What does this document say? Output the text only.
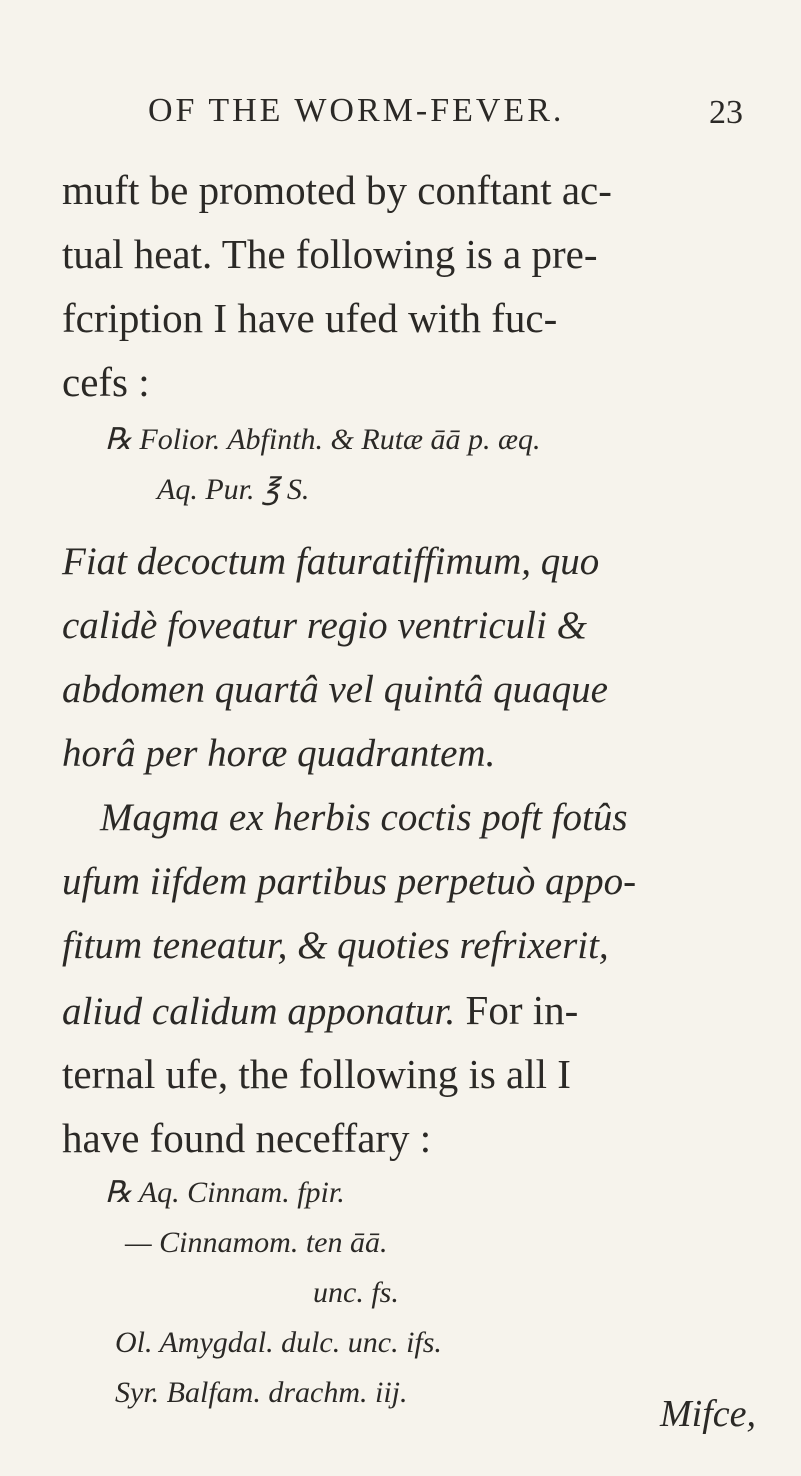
OF THE WORM-FEVER.	23
muft be promoted by conftant ac-
tual heat. The following is a pre-
fcription I have ufed with fuc-
cefs :
℞ Folior. Abfinth. & Rutæ āā p. æq.
Aq. Pur. ℥ S.
Fiat decoctum faturatiffimum, quo
calidè foveatur regio ventriculi &
abdomen quartâ vel quintâ quaque
horâ per horæ quadrantem.
Magma ex herbis coctis poft fotûs
ufum iifdem partibus perpetuò appo-
fitum teneatur, & quoties refrixerit,
aliud calidum apponatur. For in-
ternal ufe, the following is all I
have found neceffary :
℞ Aq. Cinnam. fpir.
— Cinnamom. ten āā.
unc. fs.
Ol. Amygdal. dulc. unc. ifs.
Syr. Balfam. drachm. iij.
Mifce,
